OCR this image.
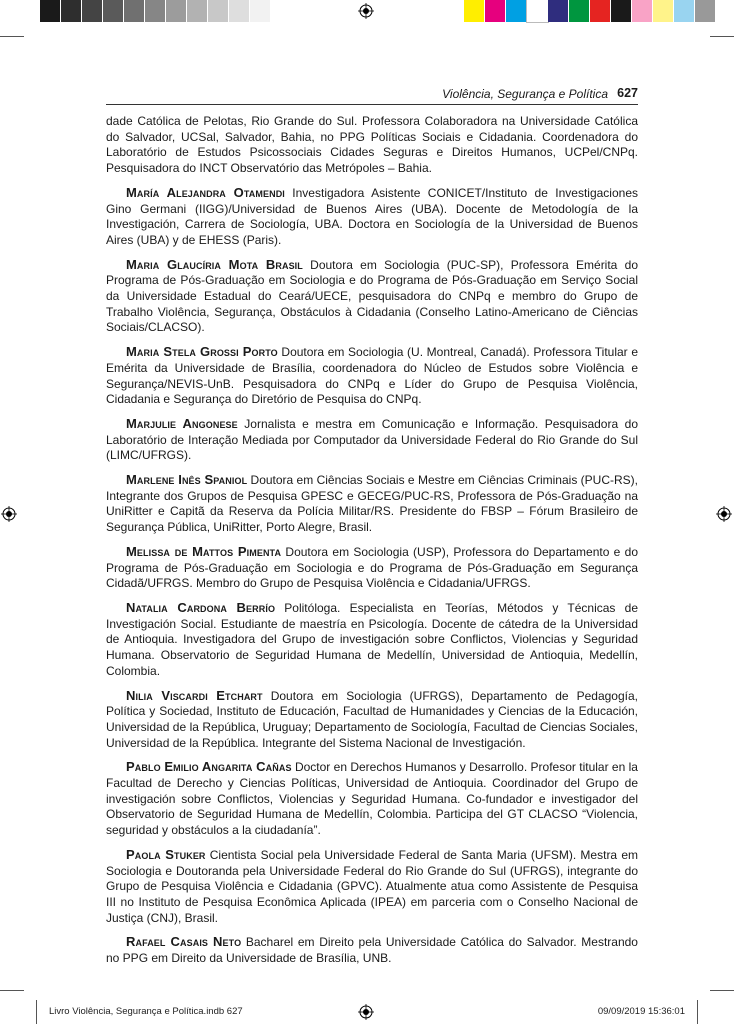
Violência, Segurança e Política 627

dade Católica de Pelotas, Rio Grande do Sul. Professora Colaboradora na Universidade Católica do Salvador, UCSal, Salvador, Bahia, no PPG Políticas Sociais e Cidadania. Coordenadora do Laboratório de Estudos Psicossociais Cidades Seguras e Direitos Humanos, UCPel/CNPq. Pesquisadora do INCT Observatório das Metrópoles – Bahia.

María Alejandra Otamendi Investigadora Asistente CONICET/Instituto de Investigaciones Gino Germani (IIGG)/Universidad de Buenos Aires (UBA). Docente de Metodología de la Investigación, Carrera de Sociología, UBA. Doctora en Sociología de la Universidad de Buenos Aires (UBA) y de EHESS (Paris).

Maria Glaucíria Mota Brasil Doutora em Sociologia (PUC-SP), Professora Emérita do Programa de Pós-Graduação em Sociologia e do Programa de Pós-Graduação em Serviço Social da Universidade Estadual do Ceará/UECE, pesquisadora do CNPq e membro do Grupo de Trabalho Violência, Segurança, Obstáculos à Cidadania (Conselho Latino-Americano de Ciências Sociais/CLACSO).

Maria Stela Grossi Porto Doutora em Sociologia (U. Montreal, Canadá). Professora Titular e Emérita da Universidade de Brasília, coordenadora do Núcleo de Estudos sobre Violência e Segurança/NEVIS-UnB. Pesquisadora do CNPq e Líder do Grupo de Pesquisa Violência, Cidadania e Segurança do Diretório de Pesquisa do CNPq.

Marjulie Angonese Jornalista e mestra em Comunicação e Informação. Pesquisadora do Laboratório de Interação Mediada por Computador da Universidade Federal do Rio Grande do Sul (LIMC/UFRGS).

Marlene Inês Spaniol Doutora em Ciências Sociais e Mestre em Ciências Criminais (PUC-RS), Integrante dos Grupos de Pesquisa GPESC e GECEG/PUC-RS, Professora de Pós-Graduação na UniRitter e Capitã da Reserva da Polícia Militar/RS. Presidente do FBSP – Fórum Brasileiro de Segurança Pública, UniRitter, Porto Alegre, Brasil.

Melissa de Mattos Pimenta Doutora em Sociologia (USP), Professora do Departamento e do Programa de Pós-Graduação em Sociologia e do Programa de Pós-Graduação em Segurança Cidadã/UFRGS. Membro do Grupo de Pesquisa Violência e Cidadania/UFRGS.

Natalia Cardona Berrío Politóloga. Especialista en Teorías, Métodos y Técnicas de Investigación Social. Estudiante de maestría en Psicología. Docente de cátedra de la Universidad de Antioquia. Investigadora del Grupo de investigación sobre Conflictos, Violencias y Seguridad Humana. Observatorio de Seguridad Humana de Medellín, Universidad de Antioquia, Medellín, Colombia.

Nilia Viscardi Etchart Doutora em Sociologia (UFRGS), Departamento de Pedagogía, Política y Sociedad, Instituto de Educación, Facultad de Humanidades y Ciencias de la Educación, Universidad de la República, Uruguay; Departamento de Sociología, Facultad de Ciencias Sociales, Universidad de la República. Integrante del Sistema Nacional de Investigación.

Pablo Emilio Angarita Cañas Doctor en Derechos Humanos y Desarrollo. Profesor titular en la Facultad de Derecho y Ciencias Políticas, Universidad de Antioquia. Coordinador del Grupo de investigación sobre Conflictos, Violencias y Seguridad Humana. Co-fundador e investigador del Observatorio de Seguridad Humana de Medellín, Colombia. Participa del GT CLACSO “Violencia, seguridad y obstáculos a la ciudadanía”.

Paola Stuker Cientista Social pela Universidade Federal de Santa Maria (UFSM). Mestra em Sociologia e Doutoranda pela Universidade Federal do Rio Grande do Sul (UFRGS), integrante do Grupo de Pesquisa Violência e Cidadania (GPVC). Atualmente atua como Assistente de Pesquisa III no Instituto de Pesquisa Econômica Aplicada (IPEA) em parceria com o Conselho Nacional de Justiça (CNJ), Brasil.

Rafael Casais Neto Bacharel em Direito pela Universidade Católica do Salvador. Mestrando no PPG em Direito da Universidade de Brasília, UNB.

Livro Violência, Segurança e Política.indb 627	09/09/2019 15:36:01
